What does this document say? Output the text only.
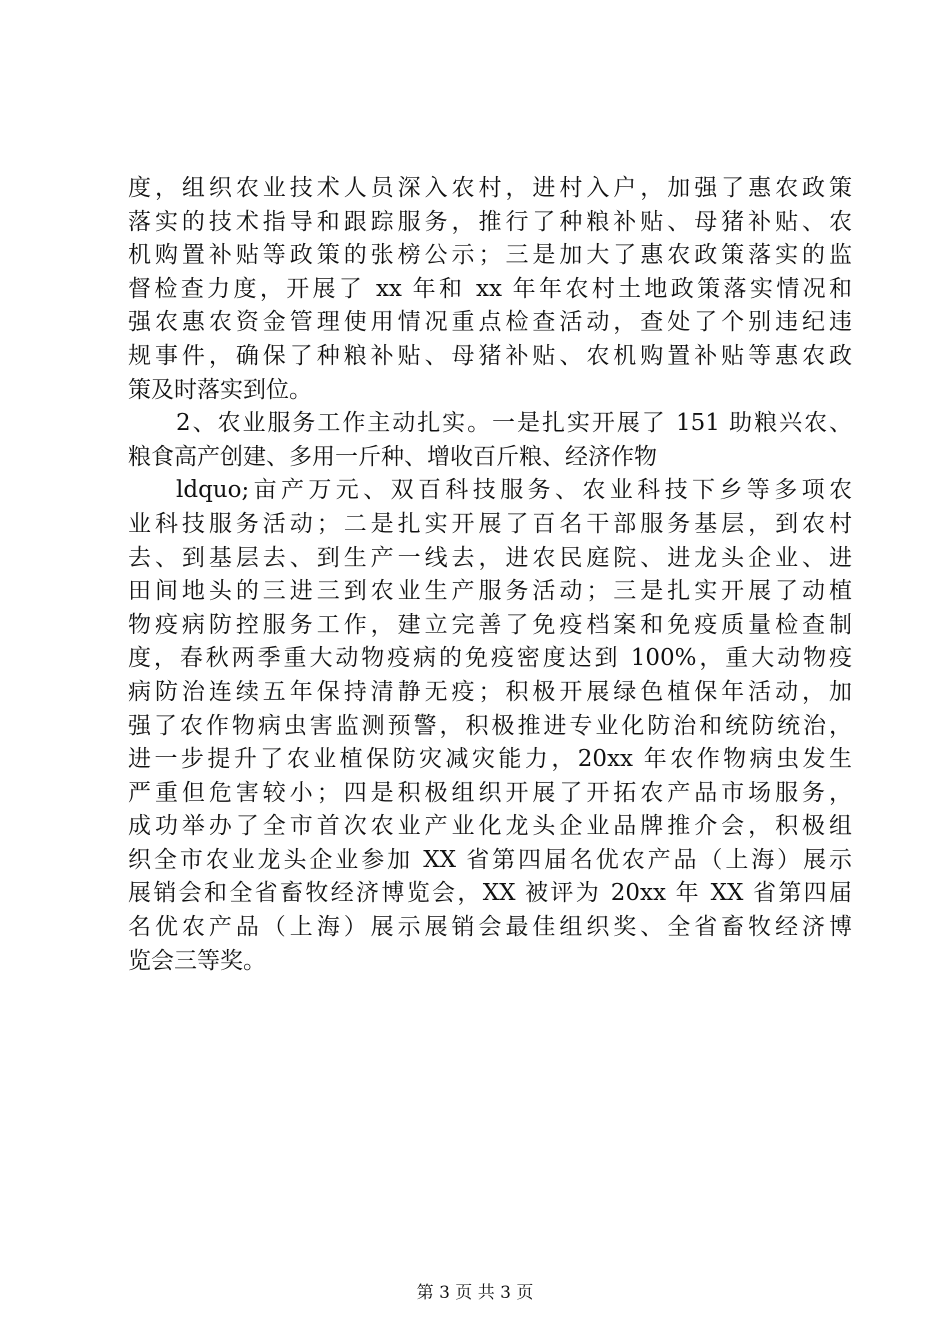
度，组织农业技术人员深入农村，进村入户，加强了惠农政策
落实的技术指导和跟踪服务，推行了种粮补贴、母猪补贴、农
机购置补贴等政策的张榜公示；三是加大了惠农政策落实的监
督检查力度，开展了 xx 年和 xx 年年农村土地政策落实情况和
强农惠农资金管理使用情况重点检查活动，查处了个别违纪违
规事件，确保了种粮补贴、母猪补贴、农机购置补贴等惠农政
策及时落实到位。
2、农业服务工作主动扎实。一是扎实开展了 151 助粮兴农、
粮食高产创建、多用一斤种、增收百斤粮、经济作物
ldquo;亩产万元、双百科技服务、农业科技下乡等多项农
业科技服务活动；二是扎实开展了百名干部服务基层，到农村
去、到基层去、到生产一线去，进农民庭院、进龙头企业、进
田间地头的三进三到农业生产服务活动；三是扎实开展了动植
物疫病防控服务工作，建立完善了免疫档案和免疫质量检查制
度，春秋两季重大动物疫病的免疫密度达到 100%，重大动物疫
病防治连续五年保持清静无疫；积极开展绿色植保年活动，加
强了农作物病虫害监测预警，积极推进专业化防治和统防统治，
进一步提升了农业植保防灾减灾能力，20xx 年农作物病虫发生
严重但危害较小；四是积极组织开展了开拓农产品市场服务，
成功举办了全市首次农业产业化龙头企业品牌推介会，积极组
织全市农业龙头企业参加 XX 省第四届名优农产品（上海）展示
展销会和全省畜牧经济博览会，XX 被评为 20xx 年 XX 省第四届
名优农产品（上海）展示展销会最佳组织奖、全省畜牧经济博
览会三等奖。
第 3 页 共 3 页
